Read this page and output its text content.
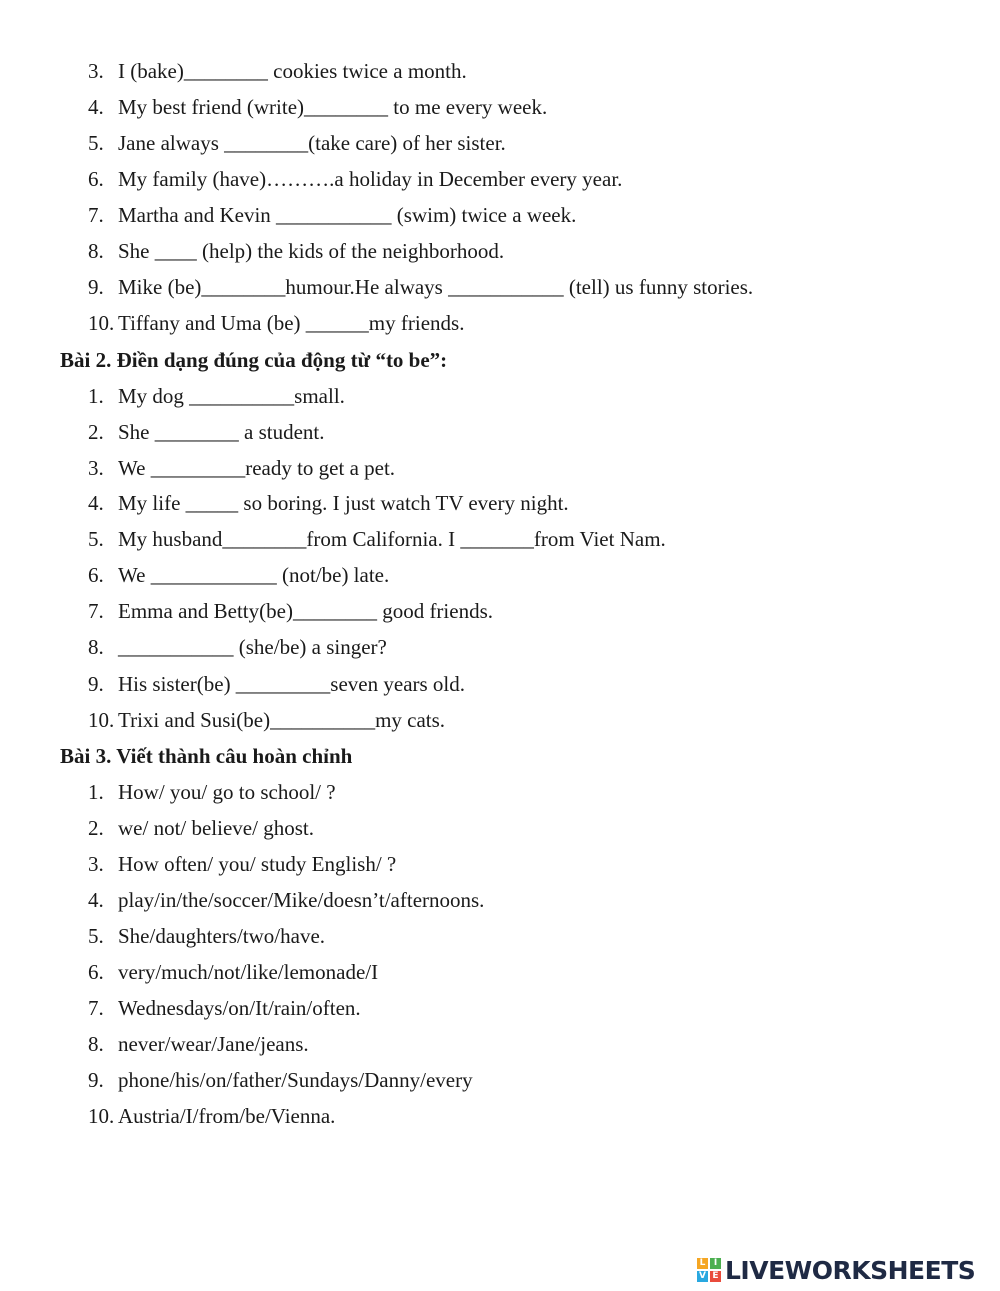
3. I (bake)________ cookies twice a month.
4. My best friend (write)________ to me every week.
5. Jane always ________(take care) of her sister.
6. My family (have)……….a holiday in December every year.
7. Martha and Kevin ___________ (swim) twice a week.
8. She ____ (help) the kids of the neighborhood.
9. Mike (be)________humour.He always ___________ (tell) us funny stories.
10. Tiffany and Uma (be) ______my friends.
Bài 2. Điền dạng đúng của động từ “to be”:
1. My dog __________small.
2. She ________ a student.
3. We _________ready to get a pet.
4. My life _____ so boring. I just watch TV every night.
5. My husband________from California. I _______from Viet Nam.
6. We ____________ (not/be) late.
7. Emma and Betty(be)________ good friends.
8. ___________ (she/be) a singer?
9. His sister(be) _________seven years old.
10. Trixi and Susi(be)__________my cats.
Bài 3. Viết thành câu hoàn chỉnh
1. How/ you/ go to school/ ?
2. we/ not/ believe/ ghost.
3. How often/ you/ study English/ ?
4. play/in/the/soccer/Mike/doesn’t/afternoons.
5. She/daughters/two/have.
6. very/much/not/like/lemonade/I
7. Wednesdays/on/It/rain/often.
8. never/wear/Jane/jeans.
9. phone/his/on/father/Sundays/Danny/every
10. Austria/I/from/be/Vienna.
L I
V E LIVEWORKSHEETS
